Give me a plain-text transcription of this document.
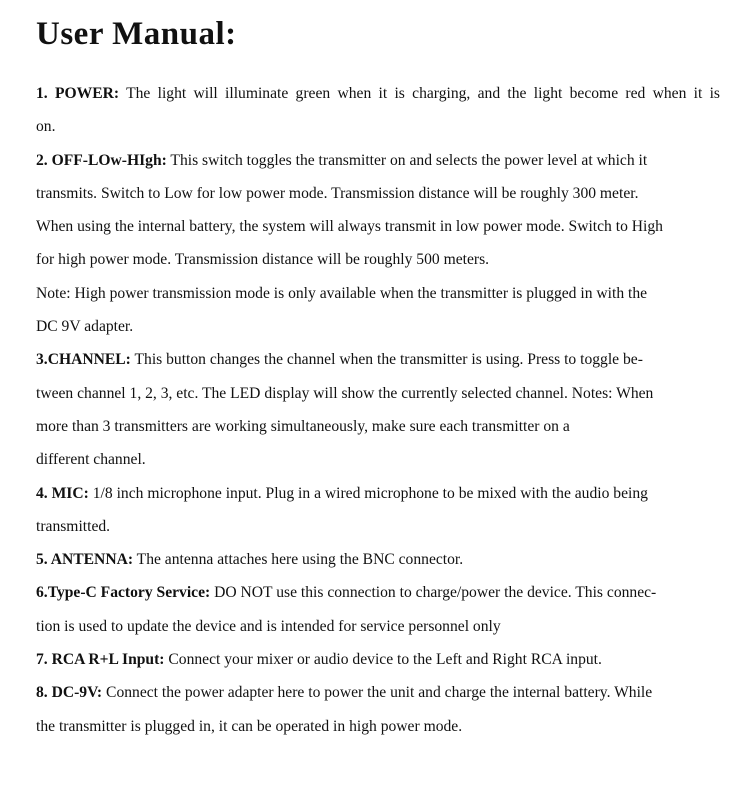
User Manual:
1. POWER: The light will illuminate green when it is charging, and the light become red when it is
on.
2. OFF-LOw-HIgh: This switch toggles the transmitter on and selects the power level at which it
transmits. Switch to Low for low power mode. Transmission distance will be roughly 300 meter.
When using the internal battery, the system will always transmit in low power mode. Switch to High
for high power mode. Transmission distance will be roughly 500 meters.
Note: High power transmission mode is only available when the transmitter is plugged in with the
DC 9V adapter.
3.CHANNEL: This button changes the channel when the transmitter is using. Press to toggle be-
tween channel 1, 2, 3, etc. The LED display will show the currently selected channel. Notes: When
more than 3 transmitters are working simultaneously, make sure each transmitter on a
different channel.
4. MIC: 1/8 inch microphone input. Plug in a wired microphone to be mixed with the audio being
transmitted.
5. ANTENNA: The antenna attaches here using the BNC connector.
6.Type-C Factory Service: DO NOT use this connection to charge/power the device. This connec-
tion is used to update the device and is intended for service personnel only
7. RCA R+L Input: Connect your mixer or audio device to the Left and Right RCA input.
8. DC-9V: Connect the power adapter here to power the unit and charge the internal battery. While
the transmitter is plugged in, it can be operated in high power mode.
